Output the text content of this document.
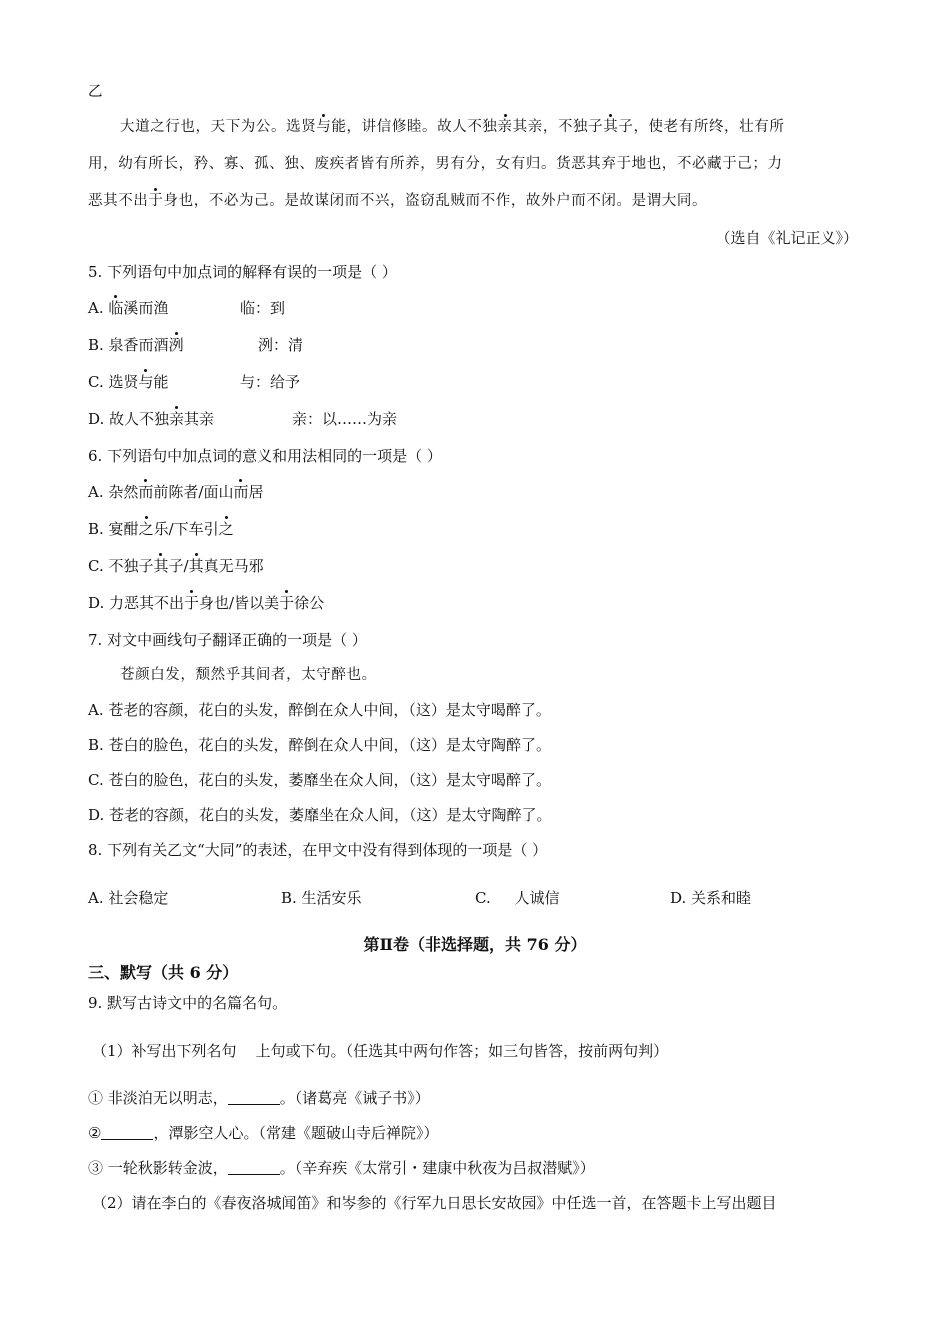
乙
大道之行也，天下为公。选贤与能，讲信修睦。故人不独亲其亲，不独子其子，使老有所终，壮有所
用，幼有所长，矜、寡、孤、独、废疾者皆有所养，男有分，女有归。货恶其弃于地也，不必藏于己；力
恶其不出于身也，不必为己。是故谋闭而不兴，盗窃乱贼而不作，故外户而不闭。是谓大同。
（选自《礼记正义》）
5. 下列语句中加点词的解释有误的一项是（ ）
A. 临溪而渔	临：到
B. 泉香而酒洌	洌：清
C. 选贤与能	与：给予
D. 故人不独亲其亲	亲：以……为亲
6. 下列语句中加点词的意义和用法相同的一项是（ ）
A. 杂然而前陈者/面山而居
B. 宴酣之乐/下车引之
C. 不独子其子/其真无马邪
D. 力恶其不出于身也/皆以美于徐公
7. 对文中画线句子翻译正确的一项是（ ）
苍颜白发，颓然乎其间者，太守醉也。
A. 苍老的容颜，花白的头发，醉倒在众人中间，（这）是太守喝醉了。
B. 苍白的脸色，花白的头发，醉倒在众人中间，（这）是太守陶醉了。
C. 苍白的脸色，花白的头发，萎靡坐在众人间，（这）是太守喝醉了。
D. 苍老的容颜，花白的头发，萎靡坐在众人间，（这）是太守陶醉了。
8. 下列有关乙文“大同”的表述，在甲文中没有得到体现的一项是（ ）
A. 社会稳定	B. 生活安乐	C.     人诚信	D. 关系和睦
第Ⅱ卷（非选择题，共 76 分）
三、默写（共 6 分）
9. 默写古诗文中的名篇名句。
（1）补写出下列名句    上句或下句。（任选其中两句作答；如三句皆答，按前两句判）
① 非淡泊无以明志，	。（诸葛亮《诫子书》）
②	，潭影空人心。（常建《题破山寺后禅院》）
③ 一轮秋影转金波，	。（辛弃疾《太常引・建康中秋夜为吕叔潜赋》）
（2）请在李白的《春夜洛城闻笛》和岑参的《行军九日思长安故园》中任选一首，在答题卡上写出题目
